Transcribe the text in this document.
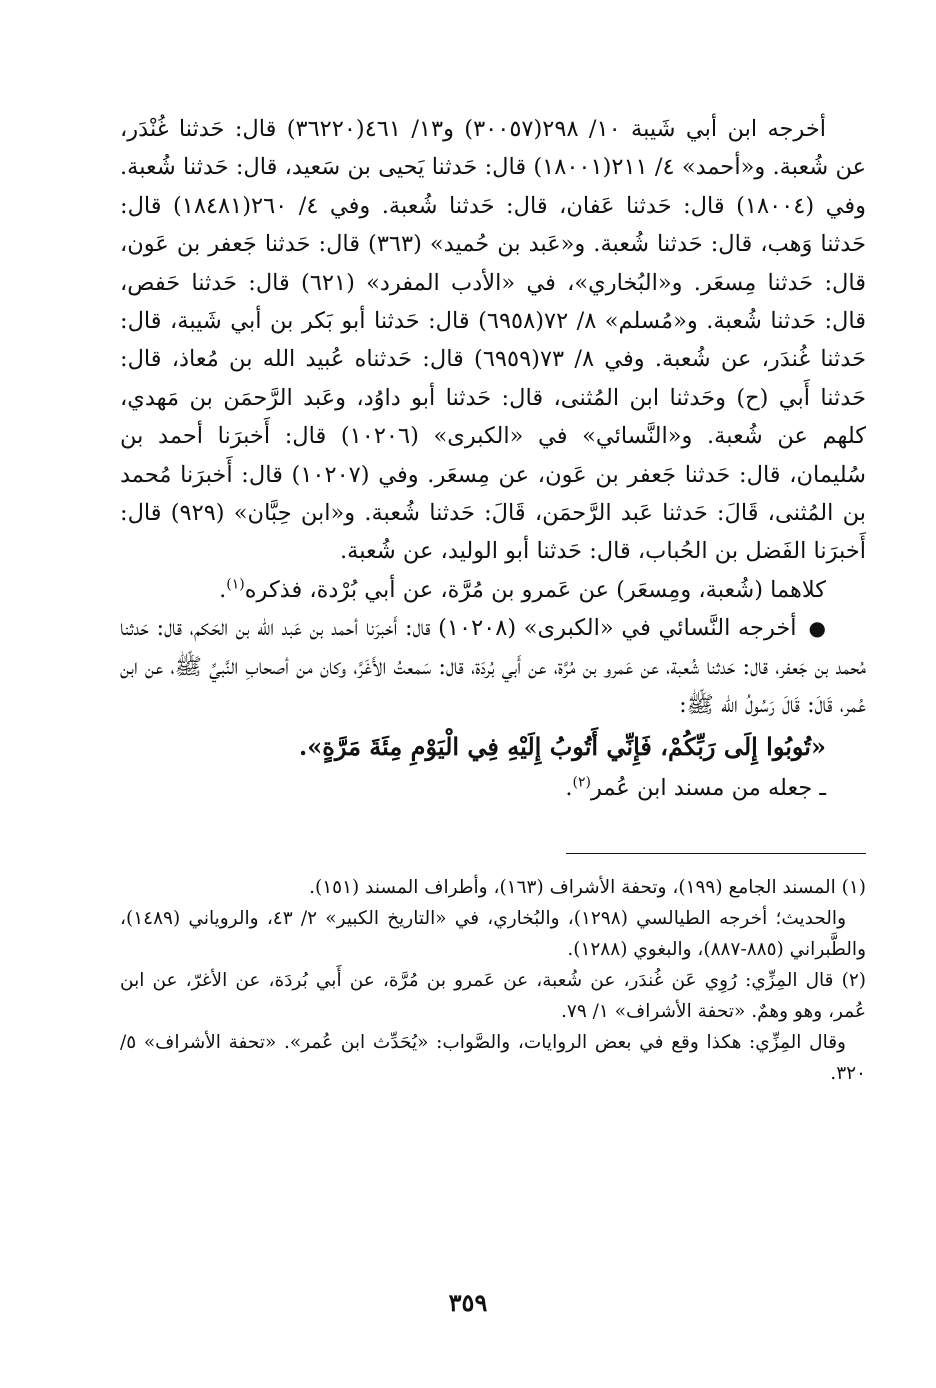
أخرجه ابن أبي شَيبة ١٠/ ٢٩٨(٣٠٠٥٧) و١٣/ ٤٦١(٣٦٢٢٠) قال: حَدثنا غُنْدَر، عن شُعبة. و«أحمد» ٤/ ٢١١(١٨٠٠١) قال: حَدثنا يَحيى بن سَعيد، قال: حَدثنا شُعبة. وفي (١٨٠٠٤) قال: حَدثنا عَفان، قال: حَدثنا شُعبة. وفي ٤/ ٢٦٠(١٨٤٨١) قال: حَدثنا وَهب، قال: حَدثنا شُعبة. و«عَبد بن حُميد» (٣٦٣) قال: حَدثنا جَعفر بن عَون، قال: حَدثنا مِسعَر. و«البُخاري»، في «الأدب المفرد» (٦٢١) قال: حَدثنا حَفص، قال: حَدثنا شُعبة. و«مُسلم» ٨/ ٧٢(٦٩٥٨) قال: حَدثنا أبو بَكر بن أبي شَيبة، قال: حَدثنا غُندَر، عن شُعبة. وفي ٨/ ٧٣(٦٩٥٩) قال: حَدثناه عُبيد الله بن مُعاذ، قال: حَدثنا أَبي (ح) وحَدثنا ابن المُثنى، قال: حَدثنا أبو داوُد، وعَبد الرَّحمَن بن مَهدي، كلهم عن شُعبة. و«النَّسائي» في «الكبرى» (١٠٢٠٦) قال: أَخبرَنا أحمد بن سُليمان، قال: حَدثنا جَعفر بن عَون، عن مِسعَر. وفي (١٠٢٠٧) قال: أَخبرَنا مُحمد بن المُثنى، قَالَ: حَدثنا عَبد الرَّحمَن، قَالَ: حَدثنا شُعبة. و«ابن حِبَّان» (٩٢٩) قال: أَخبرَنا الفَضل بن الحُباب، قال: حَدثنا أبو الوليد، عن شُعبة.

كلاهما (شُعبة، ومِسعَر) عن عَمرو بن مُرَّة، عن أبي بُرْدة، فذكره$^{(١)}$.

●أخرجه النَّسائي في «الكبرى» (١٠٢٠٨) قال: أَخبرَنا أحمد بن عَبد الله بن الحَكم، قال: حَدثنا مُحمد بن جَعفر، قال: حَدثنا شُعبة، عن عَمرو بن مُرَّة، عن أَبي بُردَة، قال: سَمعتُ الأَغَرَّ، وكان من أصحابِ النَّبيِّ ﷺ، عن ابن عُمر، قَالَ: قَالَ رَسُولُ الله ﷺ:

«تُوبُوا إِلَى رَبِّكُمْ، فَإِنِّي أَتُوبُ إِلَيْهِ فِي الْيَوْمِ مِئَةَ مَرَّةٍ».

ـ جعله من مسند ابن عُمر$^{(٢)}$.

(١) المسند الجامع (١٩٩)، وتحفة الأشراف (١٦٣)، وأطراف المسند (١٥١).

والحديث؛ أخرجه الطيالسي (١٢٩٨)، والبُخاري، في «التاريخ الكبير» ٢/ ٤٣، والروياني (١٤٨٩)، والطَّبراني (٨٨٥-٨٨٧)، والبغوي (١٢٨٨).

(٢) قال المِزِّي: رُوِي عَن غُندَر، عن شُعبة، عن عَمرو بن مُرَّة، عن أَبي بُردَة، عن الأغرّ، عن ابن عُمر، وهو وهمٌ. «تحفة الأشراف» ١/ ٧٩.

وقال المِزِّي: هكذا وقع في بعض الروايات، والصَّواب: «يُحَدِّث ابن عُمر». «تحفة الأشراف» ٥/ ٣٢٠.

٣٥٩
